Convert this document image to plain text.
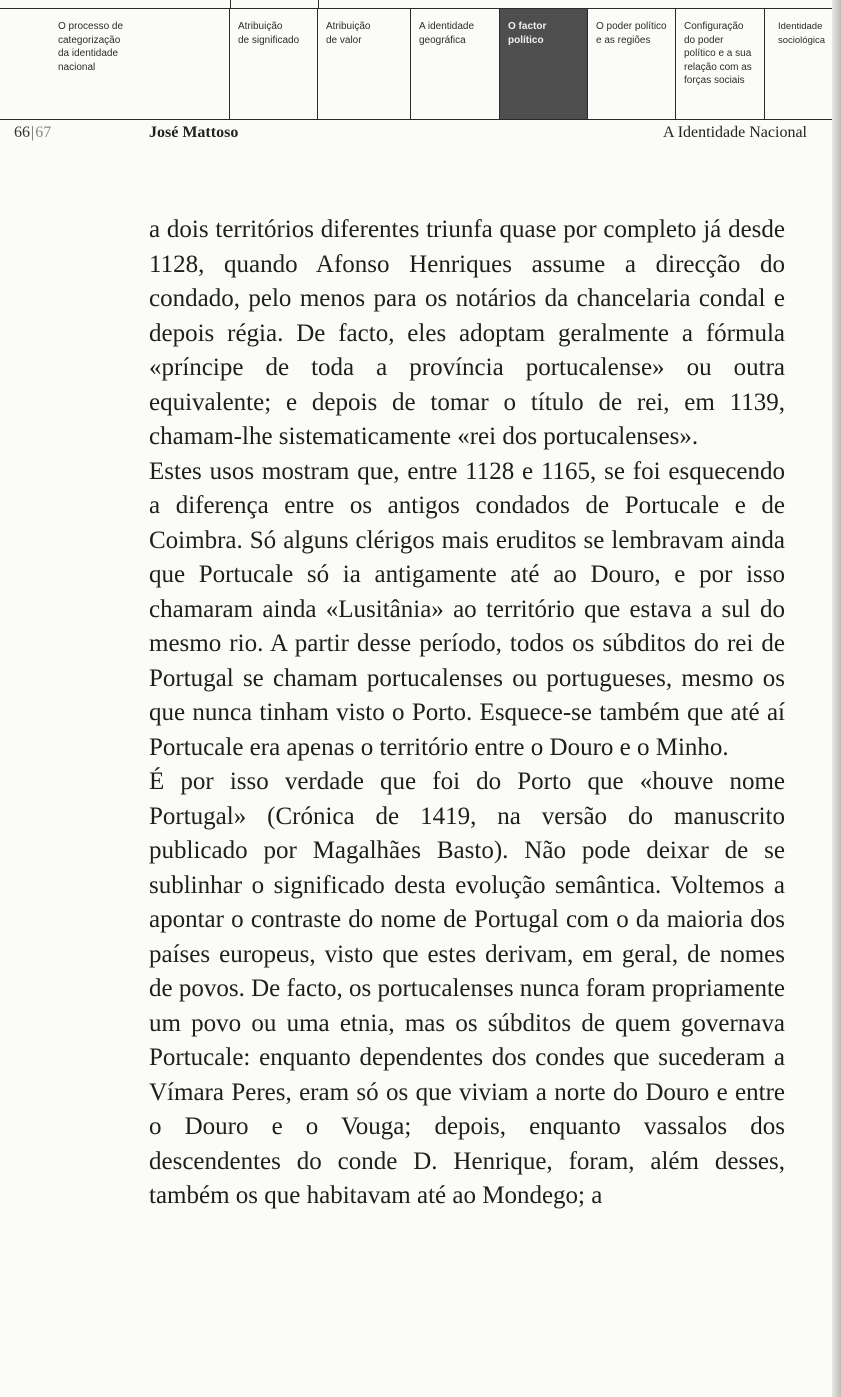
O processo de
categorização
da identidade
nacional
Atribuição
de significado
Atribuição
de valor
A identidade
geográfica
O factor
político
O poder político
e as regiões
Configuração
do poder
político e a sua
relação com as
forças sociais
Identidade
sociológica
66|67	José Mattoso	A Identidade Nacional

a dois territórios diferentes triunfa quase por completo já desde 1128, quando Afonso Henriques assume a direcção do condado, pelo menos para os notários da chancelaria condal e depois régia. De facto, eles adoptam geralmente a fórmula «príncipe de toda a província portucalense» ou outra equivalente; e depois de tomar o título de rei, em 1139, chamam-lhe sistematicamente «rei dos portucalenses».

Estes usos mostram que, entre 1128 e 1165, se foi esquecendo a diferença entre os antigos condados de Portucale e de Coimbra. Só alguns clérigos mais eruditos se lembravam ainda que Portucale só ia antigamente até ao Douro, e por isso chamaram ainda «Lusitânia» ao território que estava a sul do mesmo rio. A partir desse período, todos os súbditos do rei de Portugal se chamam portucalenses ou portugueses, mesmo os que nunca tinham visto o Porto. Esquece-se também que até aí Portucale era apenas o território entre o Douro e o Minho.

É por isso verdade que foi do Porto que «houve nome Portugal» (Crónica de 1419, na versão do manuscrito publicado por Magalhães Basto). Não pode deixar de se sublinhar o significado desta evolução semântica. Voltemos a apontar o contraste do nome de Portugal com o da maioria dos países europeus, visto que estes derivam, em geral, de nomes de povos. De facto, os portucalenses nunca foram propriamente um povo ou uma etnia, mas os súbditos de quem governava Portucale: enquanto dependentes dos condes que sucederam a Vímara Peres, eram só os que viviam a norte do Douro e entre o Douro e o Vouga; depois, enquanto vassalos dos descendentes do conde D. Henrique, foram, além desses, também os que habitavam até ao Mondego; a
